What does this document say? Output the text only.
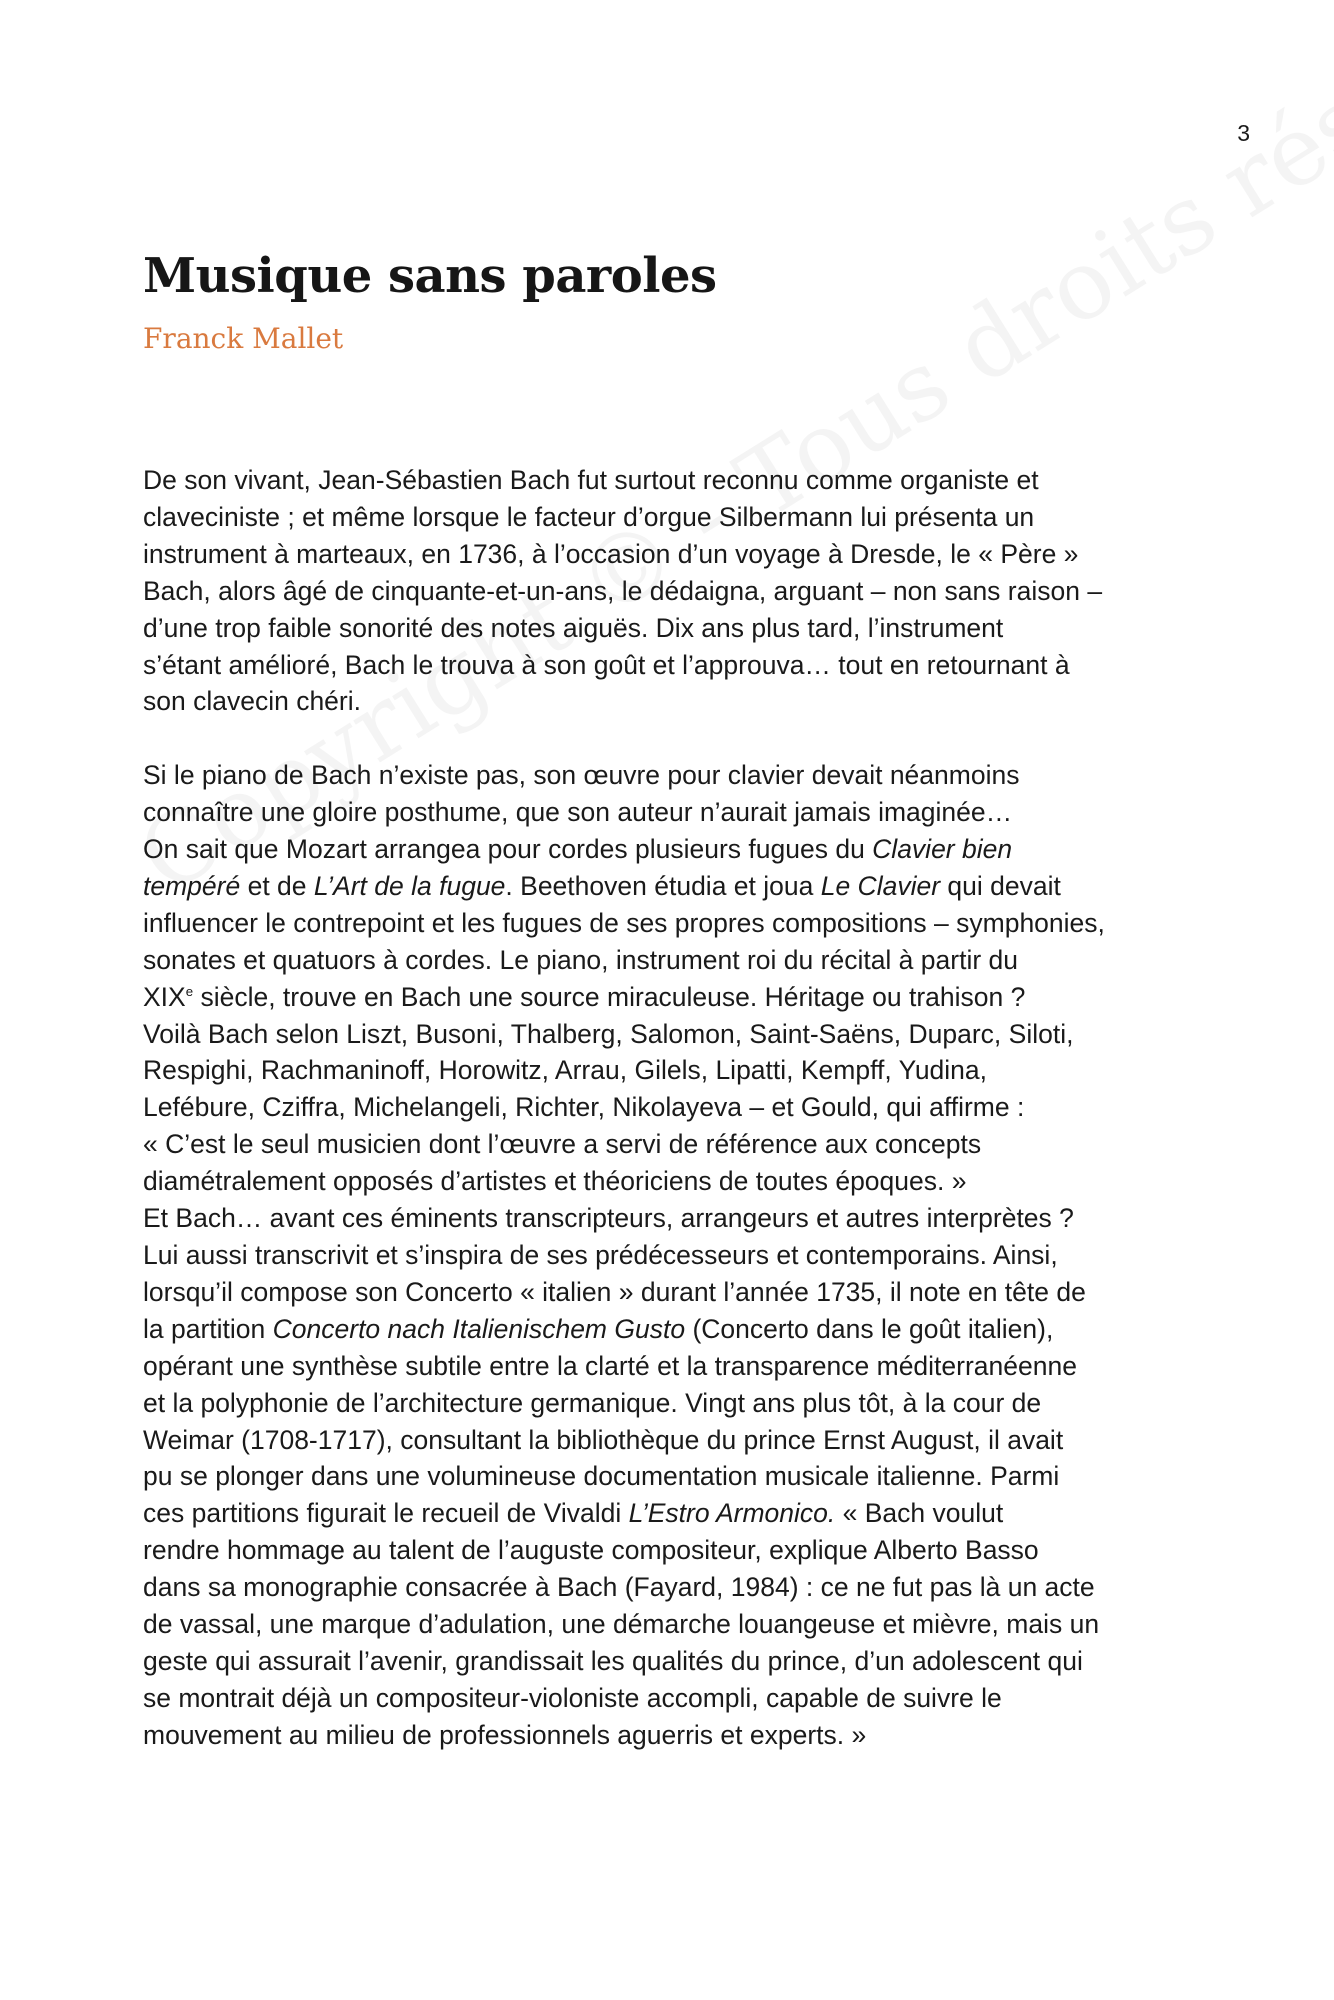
3
Musique sans paroles
Franck Mallet

De son vivant, Jean-Sébastien Bach fut surtout reconnu comme organiste et
claveciniste ; et même lorsque le facteur d’orgue Silbermann lui présenta un
instrument à marteaux, en 1736, à l’occasion d’un voyage à Dresde, le « Père »
Bach, alors âgé de cinquante-et-un-ans, le dédaigna, arguant – non sans raison –
d’une trop faible sonorité des notes aiguës. Dix ans plus tard, l’instrument
s’étant amélioré, Bach le trouva à son goût et l’approuva… tout en retournant à
son clavecin chéri.

Si le piano de Bach n’existe pas, son œuvre pour clavier devait néanmoins
connaître une gloire posthume, que son auteur n’aurait jamais imaginée…
On sait que Mozart arrangea pour cordes plusieurs fugues du Clavier bien
tempéré et de L’Art de la fugue. Beethoven étudia et joua Le Clavier qui devait
influencer le contrepoint et les fugues de ses propres compositions – symphonies,
sonates et quatuors à cordes. Le piano, instrument roi du récital à partir du
XIXe siècle, trouve en Bach une source miraculeuse. Héritage ou trahison ?
Voilà Bach selon Liszt, Busoni, Thalberg, Salomon, Saint-Saëns, Duparc, Siloti,
Respighi, Rachmaninoff, Horowitz, Arrau, Gilels, Lipatti, Kempff, Yudina,
Lefébure, Cziffra, Michelangeli, Richter, Nikolayeva – et Gould, qui affirme :
« C’est le seul musicien dont l’œuvre a servi de référence aux concepts
diamétralement opposés d’artistes et théoriciens de toutes époques. »
Et Bach… avant ces éminents transcripteurs, arrangeurs et autres interprètes ?
Lui aussi transcrivit et s’inspira de ses prédécesseurs et contemporains. Ainsi,
lorsqu’il compose son Concerto « italien » durant l’année 1735, il note en tête de
la partition Concerto nach Italienischem Gusto (Concerto dans le goût italien),
opérant une synthèse subtile entre la clarté et la transparence méditerranéenne
et la polyphonie de l’architecture germanique. Vingt ans plus tôt, à la cour de
Weimar (1708-1717), consultant la bibliothèque du prince Ernst August, il avait
pu se plonger dans une volumineuse documentation musicale italienne. Parmi
ces partitions figurait le recueil de Vivaldi L’Estro Armonico. « Bach voulut
rendre hommage au talent de l’auguste compositeur, explique Alberto Basso
dans sa monographie consacrée à Bach (Fayard, 1984) : ce ne fut pas là un acte
de vassal, une marque d’adulation, une démarche louangeuse et mièvre, mais un
geste qui assurait l’avenir, grandissait les qualités du prince, d’un adolescent qui
se montrait déjà un compositeur-violoniste accompli, capable de suivre le
mouvement au milieu de professionnels aguerris et experts. »
